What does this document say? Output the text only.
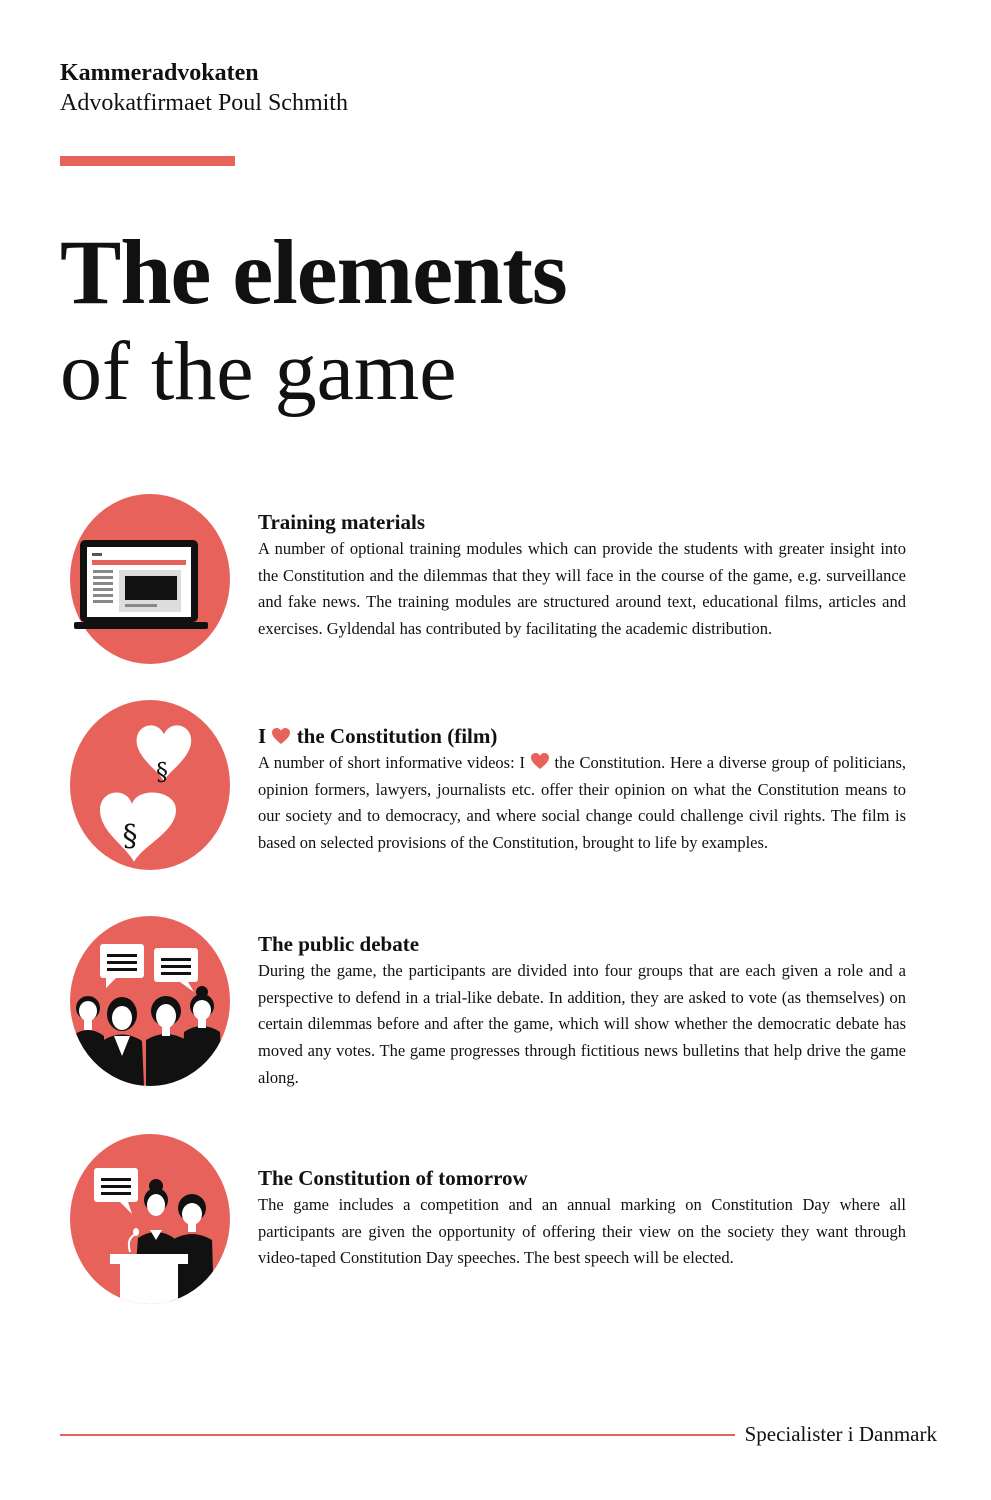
Kammeradvokaten
Advokatfirmaet Poul Schmith
The elements
of the game

Training materials

A number of optional training modules which can provide the students with greater insight into the Constitution and the dilemmas that they will face in the course of the game, e.g. surveillance and fake news. The training modules are structured around text, educational films, articles and exercises. Gyldendal has contributed by facilitating the academic distribution.

§
§

I the Constitution (film)

A number of short informative videos: I the Constitution. Here a diverse group of politicians, opinion formers, lawyers, journalists etc. offer their opinion on what the Constitution means to our society and to democracy, and where social change could challenge civil rights. The film is based on selected provisions of the Constitution, brought to life by examples.

The public debate

During the game, the participants are divided into four groups that are each given a role and a perspective to defend in a trial-like debate. In addition, they are asked to vote (as themselves) on certain dilemmas before and after the game, which will show whether the democratic debate has moved any votes. The game progresses through fictitious news bulletins that help drive the game along.

The Constitution of tomorrow

The game includes a competition and an annual marking on Constitution Day where all participants are given the opportunity of offering their view on the society they want through video-taped Constitution Day speeches. The best speech will be elected.

Specialister i Danmark
